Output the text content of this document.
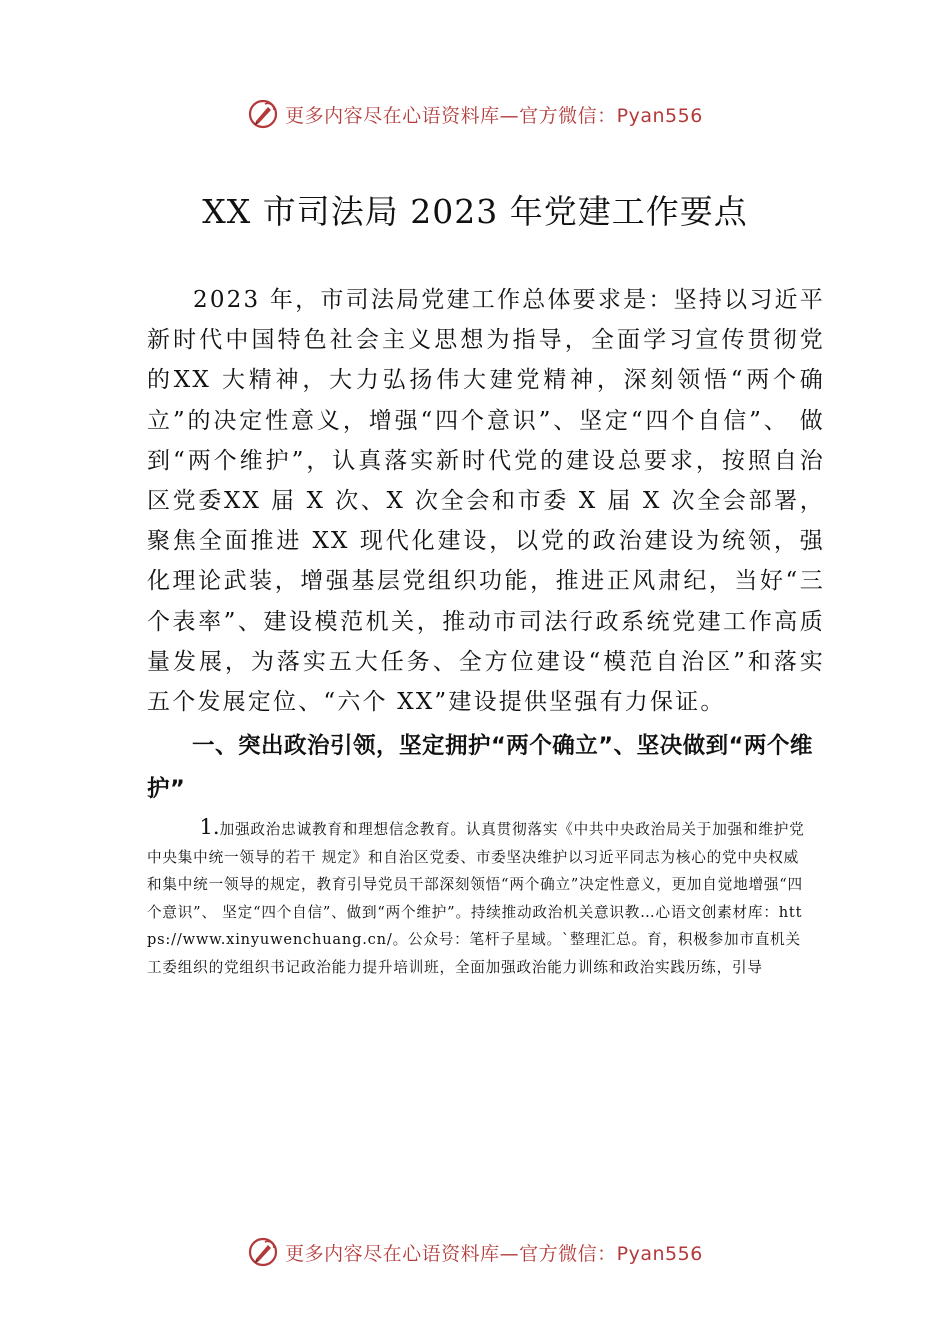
更多内容尽在心语资料库—官方微信：Pyan556
XX 市司法局 2023 年党建工作要点

2023 年，市司法局党建工作总体要求是：坚持以习近平新时代中国特色社会主义思想为指导，全面学习宣传贯彻党的XX 大精神，大力弘扬伟大建党精神，深刻领悟“两个确立”的决定性意义，增强“四个意识”、坚定“四个自信”、 做到“两个维护”，认真落实新时代党的建设总要求，按照自治区党委XX 届 X 次、X 次全会和市委 X 届 X 次全会部署， 聚焦全面推进 XX 现代化建设，以党的政治建设为统领，强化理论武装，增强基层党组织功能，推进正风肃纪，当好“三个表率”、建设模范机关，推动市司法行政系统党建工作高质量发展，为落实五大任务、全方位建设“模范自治区”和落实五个发展定位、“六个 XX”建设提供坚强有力保证。

一、突出政治引领，坚定拥护“两个确立”、坚决做到“两个维护”

1.加强政治忠诚教育和理想信念教育。认真贯彻落实《中共中央政治局关于加强和维护党中央集中统一领导的若干 规定》和自治区党委、市委坚决维护以习近平同志为核心的党中央权威和集中统一领导的规定，教育引导党员干部深刻领悟“两个确立”决定性意义，更加自觉地增强“四个意识”、 坚定“四个自信”、做到“两个维护”。持续推动政治机关意识教…心语文创素材库：https://www.xinyuwenchuang.cn/。公众号：笔杆子星域。`整理汇总。育，积极参加市直机关工委组织的党组织书记政治能力提升培训班，全面加强政治能力训练和政治实践历练，引导

更多内容尽在心语资料库—官方微信：Pyan556
